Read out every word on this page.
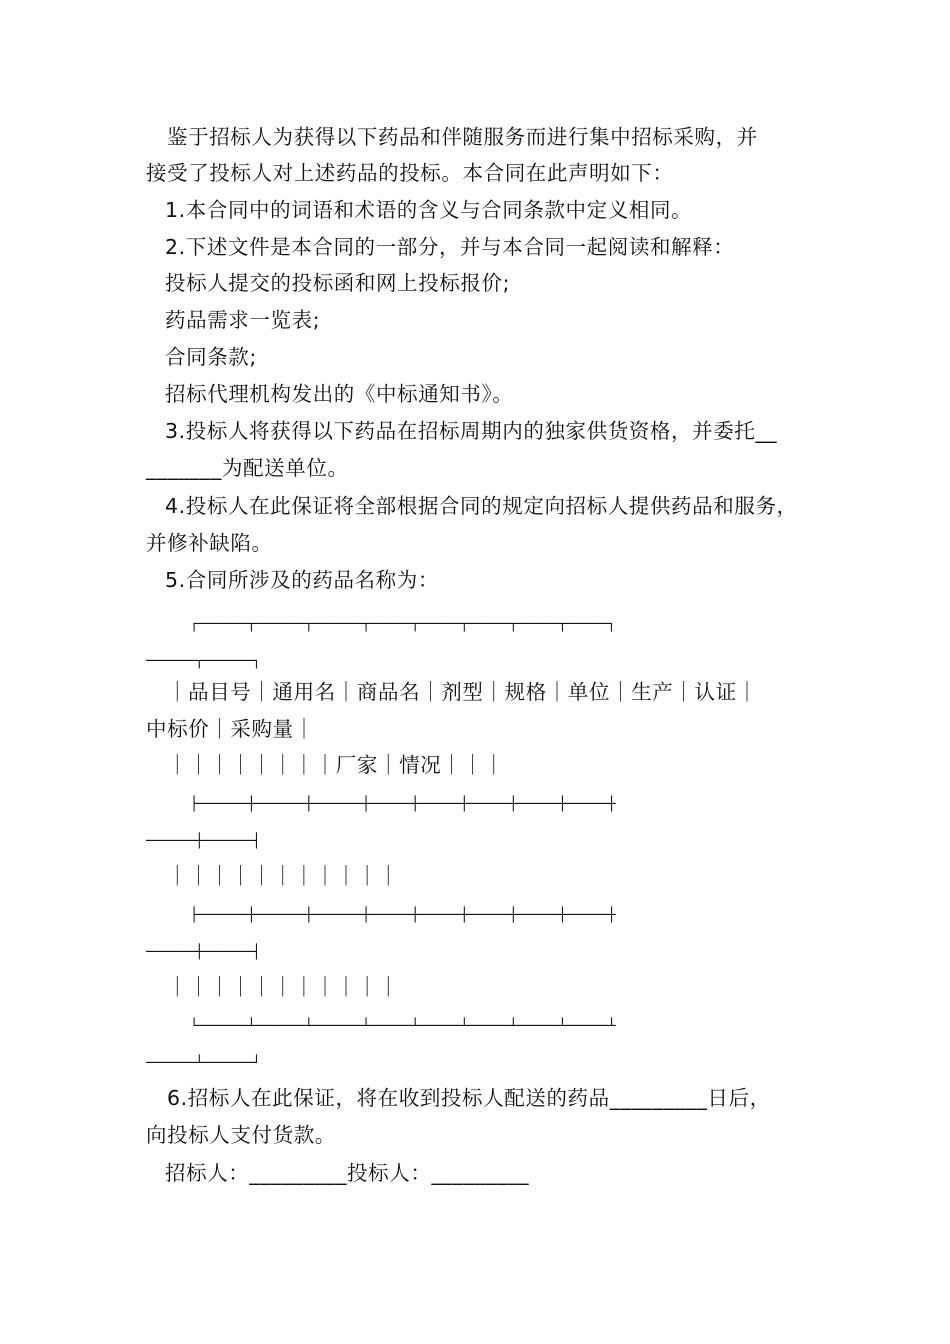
鉴于招标人为获得以下药品和伴随服务而进行集中招标采购，并
接受了投标人对上述药品的投标。本合同在此声明如下：
1.本合同中的词语和术语的含义与合同条款中定义相同。
2.下述文件是本合同的一部分，并与本合同一起阅读和解释：
投标人提交的投标函和网上投标报价;
药品需求一览表;
合同条款;
招标代理机构发出的《中标通知书》。
3.投标人将获得以下药品在招标周期内的独家供货资格，并委托__
_______为配送单位。
4.投标人在此保证将全部根据合同的规定向招标人提供药品和服务，
并修补缺陷。
5.合同所涉及的药品名称为：
┌──────┬──────┬──────┬─────┬─────┬─────┬─────┬─────┐
──────┬──────┐
｜品目号｜通用名｜商品名｜剂型｜规格｜单位｜生产｜认证｜
中标价｜采购量｜
｜｜｜｜｜｜｜｜厂家｜情况｜｜｜
├──────┼──────┼──────┼─────┼─────┼─────┼─────┼─────┼
──────┼──────┤
｜｜｜｜｜｜｜｜｜｜｜
├──────┼──────┼──────┼─────┼─────┼─────┼─────┼─────┼
──────┼──────┤
｜｜｜｜｜｜｜｜｜｜｜
└──────┴──────┴──────┴─────┴─────┴─────┴─────┴─────┴
──────┴──────┘
6.招标人在此保证，将在收到投标人配送的药品_________日后，
向投标人支付货款。
招标人：_________投标人：_________
